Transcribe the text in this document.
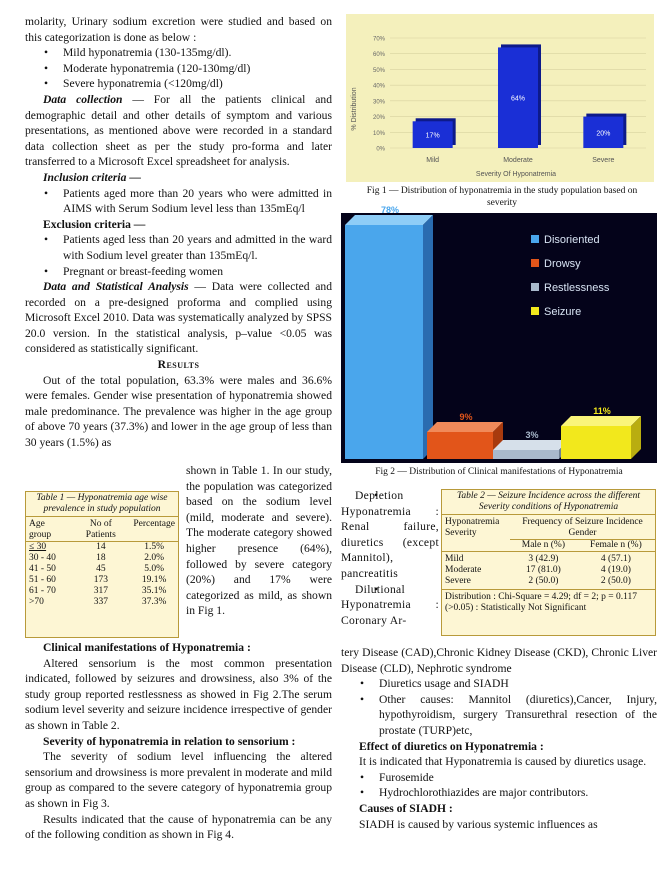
molarity, Urinary sodium excretion were studied and based on this categorization is done as below :

• Mild hyponatremia (130-135mg/dl).
• Moderate hyponatremia (120-130mg/dl)
• Severe hyponatremia (<120mg/dl)

Data collection — For all the patients clinical and demographic detail and other details of symptom and various presentations, as mentioned above were recorded in a standard data collection sheet as per the study pro-forma and later transferred to a Microsoft Excel spreadsheet for analysis.

Inclusion criteria —
• Patients aged more than 20 years who were admitted in AIMS with Serum Sodium level less than 135mEq/l
Exclusion criteria —
• Patients aged less than 20 years and admitted in the ward with Sodium level greater than 135mEq/l.
• Pregnant or breast-feeding women

Data and Statistical Analysis — Data were collected and recorded on a pre-designed proforma and complied using Microsoft Excel 2010. Data was systematically analyzed by SPSS 20.0 version. In the statistical analysis, p–value <0.05 was considered as statistically significant.

Results

Out of the total population, 63.3% were males and 36.6% were females. Gender wise presentation of hyponatremia showed male predominance. The prevalence was higher in the age group of above 70 years (37.3%) and lower in the age group of less than 30 years (1.5%) as

Table 1 — Hyponatremia age wise prevalence in study population
Age group	No of Patients	Percentage
≤ 30	14	1.5%
30 - 40	18	2.0%
41 - 50	45	5.0%
51 - 60	173	19.1%
61 - 70	317	35.1%
>70	337	37.3%

shown in Table 1. In our study, the population was categorized based on the sodium level (mild, moderate and severe). The moderate category showed higher presence (64%), followed by severe category (20%) and 17% were categorized as mild, as shown in Fig 1.

Clinical manifestations of Hyponatremia :

Altered sensorium is the most common presentation indicated, followed by seizures and drowsiness, also 3% of the study group reported restlessness as showed in Fig 2.The serum sodium level severity and seizure incidence irrespective of gender as shown in Table 2.

Severity of hyponatremia in relation to sensorium :

The severity of sodium level influencing the altered sensorium and drowsiness is more prevalent in moderate and mild group as compared to the severe category of hyponatremia group as shown in Fig 3.

Results indicated that the cause of hyponatremia can be any of the following condition as shown in Fig 4.

0%
10%
20%
30%
40%
50%
60%
70%
17%
Mild
64%
Moderate
20%
Severe
% Distribution
Severity Of Hyponatremia
Fig 1 — Distribution of hyponatremia in the study population based on severity
78%
9%
3%
11%
Disoriented
Drowsy
Restlessness
Seizure
Fig 2 — Distribution of Clinical manifestations of Hyponatremia

• Depletion Hyponatremia : Renal failure, diuretics (except Mannitol), pancreatitis

• Dilutional Hyponatremia : Coronary Ar-

Table 2 — Seizure Incidence across the different Severity conditions of Hyponatremia
Hyponatremia Severity	Frequency of Seizure Incidence Gender	
	Male n (%)	Female n (%)
Mild	3 (42.9)	4 (57.1)
Moderate	17 (81.0)	4 (19.0)
Severe	2 (50.0)	2 (50.0)
Distribution : Chi-Square = 4.29; df = 2; p = 0.117 (>0.05) : Statistically Not Significant

tery Disease (CAD),Chronic Kidney Disease (CKD), Chronic Liver Disease (CLD), Nephrotic syndrome

• Diuretics usage and SIADH
• Other causes: Mannitol (diuretics),Cancer, Injury, hypothyroidism, surgery Transurethral resection of the prostate (TURP)etc,
Effect of diuretics on Hyponatremia :

It is indicated that Hyponatremia is caused by diuretics usage.

• Furosemide
• Hydrochlorothiazides are major contributors.
Causes of SIADH :

SIADH is caused by various systemic influences as
